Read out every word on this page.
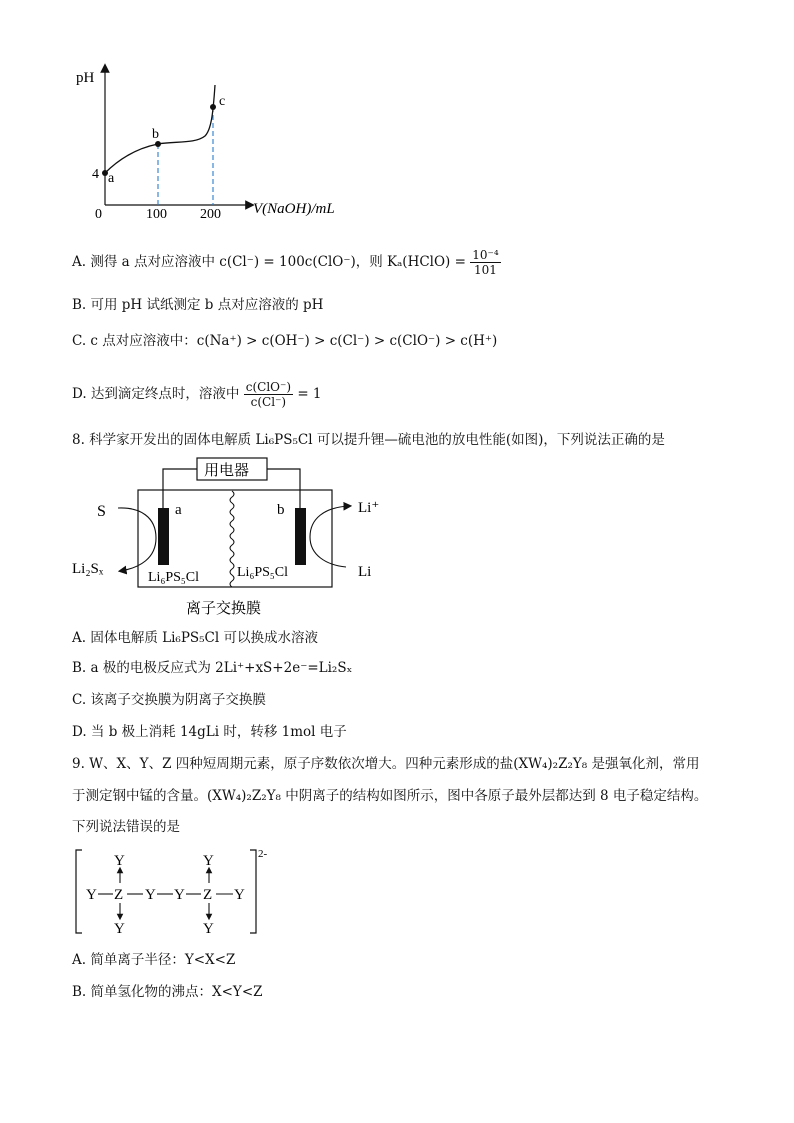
pH
V(NaOH)/mL
4
0	100 200
a
b
c
A. 测得 a 点对应溶液中 c(Cl⁻) = 100c(ClO⁻)，则 Kₐ(HClO) = $\frac{\text{10⁻⁴}}{101}$
B. 可用 pH 试纸测定 b 点对应溶液的 pH
C. c 点对应溶液中：c(Na⁺) > c(OH⁻) > c(Cl⁻) > c(ClO⁻) > c(H⁺)
D. 达到滴定终点时，溶液中 $\frac{\text{c(ClO⁻)}}{c(Cl^-)} = 1$
8. 科学家开发出的固体电解质 Li₆PS₅Cl 可以提升锂—硫电池的放电性能(如图)，下列说法正确的是
用电器
a	b
Li₆PS₅Cl	Li₆PS₅Cl
S
Li₂Sₓ
Li⁺
Li
离子交换膜
A. 固体电解质 Li₆PS₅Cl 可以换成水溶液
B. a 极的电极反应式为 2Li⁺+xS+2e⁻=Li₂Sₓ
C. 该离子交换膜为阴离子交换膜
D. 当 b 极上消耗 14gLi 时，转移 1mol 电子
9. W、X、Y、Z 四种短周期元素，原子序数依次增大。四种元素形成的盐(XW₄)₂Z₂Y₈ 是强氧化剂，常用
于测定钢中锰的含量。(XW₄)₂Z₂Y₈ 中阴离子的结构如图所示，图中各原子最外层都达到 8 电子稳定结构。
下列说法错误的是
2-
Y Z Y Y Z Y
Y
Y
Y
Y
A. 简单离子半径：Y<X<Z
B. 简单氢化物的沸点：X<Y<Z
